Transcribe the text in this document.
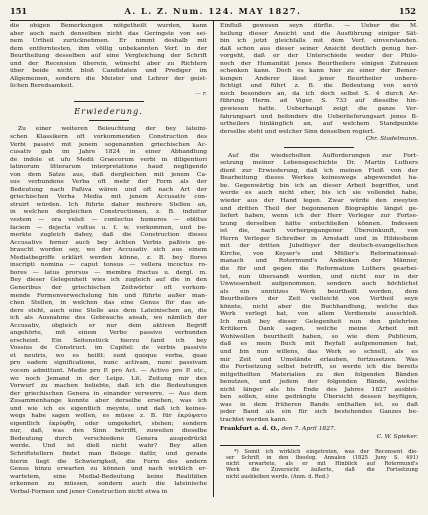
151	A. L. Z. Num. 124. MAY 1827.	152
die obigen Bemerkungen mitgetheilt wurden, kann
aber auch nach denselben nicht das Geringste von sei-
nem Urtheil zurücknehmen. Er nimmt deshalb mit
dem entferntesten, ihm völlig unbekannten Verf. in der
Beurtheilung desselben auf eine Vergleichung der Schrift
und der Recension überein, wünscht aber zu Richtern
über beide nicht bloß Candidaten und Prediger im
Allgemeinen, sondern die Meister und Lehrer der geist-
lichen Beredsamkeit.
— r.
Erwiederung.
Zu einer weiteren Beleuchtung der bey lateini-
schen Klassikern oft vorkommenden Construction des
Verbi passivi mit jenem sogenannten griechischen Ac-
cusativ gab im Jahre 1824 in einer Abhandlung
de indole et ufu Medii Graecorum verbi in diligentiori
latinorum litterarum interpretatione haud negligendo
von dem Satze aus, daß dergleichen mit jenem Ca-
sus verbundene Verba oft mehr der Form als der
Bedeutung nach Paßiva wären und oft nach Art der
griechischen Verba Media mit jenem Accusativ con-
struirt würden. Ich führte daher mehrere Stellen an,
in welchen dergleichen Constructionen, z. B. induitur
vestem — ora velsit — contectus humeros — oblitus
faciem — dejecta vultus u. f. w. vorkommen, und be-
merkte zugleich dabey, daß die Construction dieses
Accusativs ferner auch bey ächten Verbis paßivis ge-
braucht worden sey, wo der Accusativ sich aus einem
Mediatbegriffe erklärt werden könne, z. B. bey flores
inscripti nomina — caput tonsus — vellera incoctus ro-
bores — latus prorsus — membra fractus u. dergl. m.
Bey dieser Gelegenheit wies ich zugleich auf die in den
Generibus der griechischen Zeitwörter oft vorkom-
mende Formenverwechslung hin und führte außer man-
chen Stellen, in welchen das eine Genus für das an-
dere steht, auch eine Stelle aus dem Lateinischen an, die
ich als Ausnahme des Gebrauchs ansah, wo nämlich der
Accusativ, obgleich er nur dem aktiven Begriff
angehörte, mit einem Verbo passivo verbunden
erscheint. Ein Seitenstück hierzu fand ich bey
Vossius de Construct. im Capitel: de verbis passivis
et neutris, wo es heißt: sunt quoque verba, quae
pro eadem significatione, nunc activam, nunc passivam
vocem admittunt. Medio pro P. pro Act. — Activo pro P. etc.,
wo noch Jemand in der Leipz. Lit. Zeitung mir den
Vorwurf zu machen beliebte, daß ich die Bedeutungen
der griechischen Genera in einander verwerre. — Aus dem
Zusammenhange konnte aber derselbe ersehen, was ich
und wie ich es eigentlich meynte, und daß ich keines-
wegs habe sagen wollen, es müsse z. B. für ἐκρύψατο
eigentlich ἐκρύφθη, oder umgekehrt, stehen; sondern
nur, daß, was den Sinn betrifft, zuweilen dieselbe
Bedeutung durch verschiedene Genera ausgedrückt
werde. Und ist dieß nicht wahr? Bey allen
Schriftstellern findet man Belege dafür, und gerade
hierin liegt die Schwierigkeit, die Form des andern
Genus hinzu erwarten zu können und nach wirklich er-
wartetem, eine Medial-Bedeutung keine Realitäten
erkennen zu müssen, sondern auch die lateinische
Verbal-Formen und jener Construction nicht etwa in
Einfluß gewesen seyn dürfte. — Ueber die M.
heilung dieser Ansicht und die Ausführung einiger Sät-
bin ich jetzt gleichfalls mit dem Verf. einverstanden.
daß schon aus dieser seiner Ansicht deutlich genug her-
vorgeht, daß er der Unterschiede weder der Philo-
noch der Humanität jenes Beurtheilers einigen Zutrauen
schenken kann. Doch es kann hier zu einer der Bemer-
kungen Anderer lässt jener Beurtheiler unbere-
fichtigt und führt z. B. die Bedeutung von κατὰ
noch besonders an, da ich doch selbst S. 4 durch Ar-
führung Herm. ad Viger. S. 733 auf dieselbe hin-
gewiesen hatte. Ueberhaupt zeigt die ganze Ver-
fahrungsart und befonders die Ueberlieferungsart jenes B-
urtheilers hinlänglich an, auf welchem Standpunkte
derselbe steht und welcher Sinn denselben regiert.
Chr. Stadelmann.
Auf die wiederholten Aufforderungen zur Fort-
setzung meiner Lebensgeschichte Dr. Martin Luthers
dient zur Erwiederung, daß ich meinen Fleiß von der
Bearbeitung dieses Werkes keineswegs abgewendet ha-
be. Gegenwärtig bin ich an dieser Arbeit begriffen, und
werde es auch nicht eher, bis ich sie vollendet habe,
wieder aus der Hand legen. Zwar würde den zweyten
und dritten Theil der begonnenen Biographie längst ge-
liefert haben, wenn ich der Herr Verleger zur Fortse-
tzung derselben hätte entschließen können. Indessen
ist die, nach vorhergegangener Übereinkunft, von
Herrn Verleger Schreiber in Arnstadt und in Hildesheim
mit der dritten Jubelfeyer der deutsch-evangelischen
Kirche, von Keyser's und Müller's Reformationsal-
manach und Rotermund's Andenken der Männer,
die für und gegen die Reformation Luthers gearbei-
tet, nun übersandt worden, und nicht nur in der
Unwissenheit aufgenommen, sondern auch höchlichst
als ein unnützes Werk beurtheilt worden, dem
Beurtheilers der Zeit vielleicht von Vortheil seyn
könnte, nicht aber die Buchhandlung, welche das
Werk verlegt hat, von allem Verdienste ausschloß.
Ich muß bey dieser Gelegenheit nun den gelehrten
Kritikern Dank sagen, welche meine Arbeit mit
Wohlwollen beurtheilt haben, so wie dem Publicum,
daß es mein Buch mit Beyfall aufgenommen hat,
und bin nun willens, das Werk so schnell, als es
mir Zeit und Umstände erlauben, fortzusetzen. Was
die Fortsetzung selbst betrifft, so werde ich die bereits
mitgetheilten Materialien zu den folgenden Bänden
benutzen, und jedem der folgenden Bände, welche
nicht länger als bis Ende des Jahres 1827 ausblei-
ben sollen, eine gedrängte Übersicht dessen beyfügen,
was in dem früheren Bande enthalten ist, so daß
jeder Band als ein für sich bestehendes Ganzes be-
trachtet werden kann.
Frankfurt a. d. O., den 7. April 1827.
C. W. Spieker.
*) Somit ich wirklich eingetreten, was der Recensent die-
ser Schrift in den theolog. Annalen (1825 Juny S. 491)
nicht erwartete, als er mit Hinblick auf Rotermund's
Werk die Zuversicht äußerte, daß die Fortsetzung
nicht ausbleiben werde. (Anm. d. Red.)
